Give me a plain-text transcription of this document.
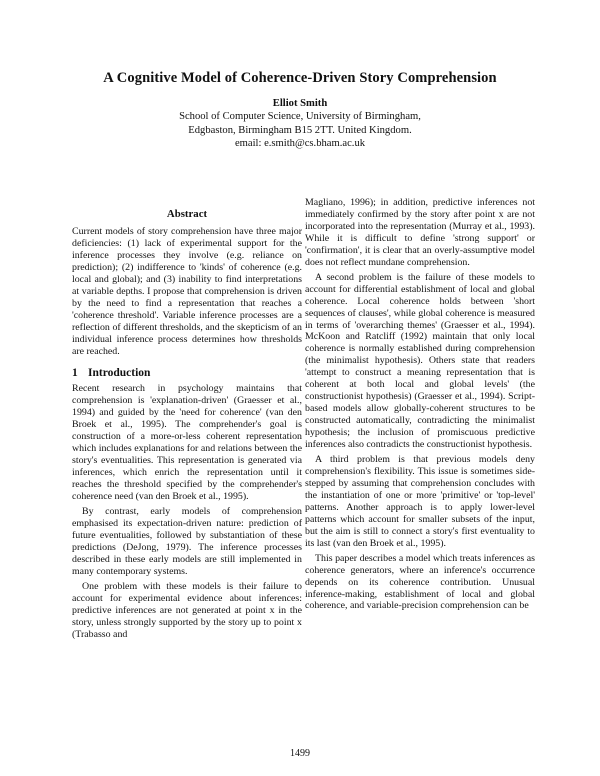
A Cognitive Model of Coherence-Driven Story Comprehension
Elliot Smith
School of Computer Science, University of Birmingham,
Edgbaston, Birmingham B15 2TT. United Kingdom.
email: e.smith@cs.bham.ac.uk
Abstract

Current models of story comprehension have three major deficiencies: (1) lack of experimental support for the inference processes they involve (e.g. reliance on prediction); (2) indifference to 'kinds' of coherence (e.g. local and global); and (3) inability to find interpretations at variable depths. I propose that comprehension is driven by the need to find a representation that reaches a 'coherence threshold'. Variable inference processes are a reflection of different thresholds, and the skepticism of an individual inference process determines how thresholds are reached.

1 Introduction

Recent research in psychology maintains that comprehension is 'explanation-driven' (Graesser et al., 1994) and guided by the 'need for coherence' (van den Broek et al., 1995). The comprehender's goal is construction of a more-or-less coherent representation which includes explanations for and relations between the story's eventualities. This representation is generated via inferences, which enrich the representation until it reaches the threshold specified by the comprehender's coherence need (van den Broek et al., 1995).

By contrast, early models of comprehension emphasised its expectation-driven nature: prediction of future eventualities, followed by substantiation of these predictions (DeJong, 1979). The inference processes described in these early models are still implemented in many contemporary systems.

One problem with these models is their failure to account for experimental evidence about inferences: predictive inferences are not generated at point x in the story, unless strongly supported by the story up to point x (Trabasso and

Magliano, 1996); in addition, predictive inferences not immediately confirmed by the story after point x are not incorporated into the representation (Murray et al., 1993). While it is difficult to define 'strong support' or 'confirmation', it is clear that an overly-assumptive model does not reflect mundane comprehension.

A second problem is the failure of these models to account for differential establishment of local and global coherence. Local coherence holds between 'short sequences of clauses', while global coherence is measured in terms of 'overarching themes' (Graesser et al., 1994). McKoon and Ratcliff (1992) maintain that only local coherence is normally established during comprehension (the minimalist hypothesis). Others state that readers 'attempt to construct a meaning representation that is coherent at both local and global levels' (the constructionist hypothesis) (Graesser et al., 1994). Script-based models allow globally-coherent structures to be constructed automatically, contradicting the minimalist hypothesis; the inclusion of promiscuous predictive inferences also contradicts the constructionist hypothesis.

A third problem is that previous models deny comprehension's flexibility. This issue is sometimes side-stepped by assuming that comprehension concludes with the instantiation of one or more 'primitive' or 'top-level' patterns. Another approach is to apply lower-level patterns which account for smaller subsets of the input, but the aim is still to connect a story's first eventuality to its last (van den Broek et al., 1995).

This paper describes a model which treats inferences as coherence generators, where an inference's occurrence depends on its coherence contribution. Unusual inference-making, establishment of local and global coherence, and variable-precision comprehension can be

1499
